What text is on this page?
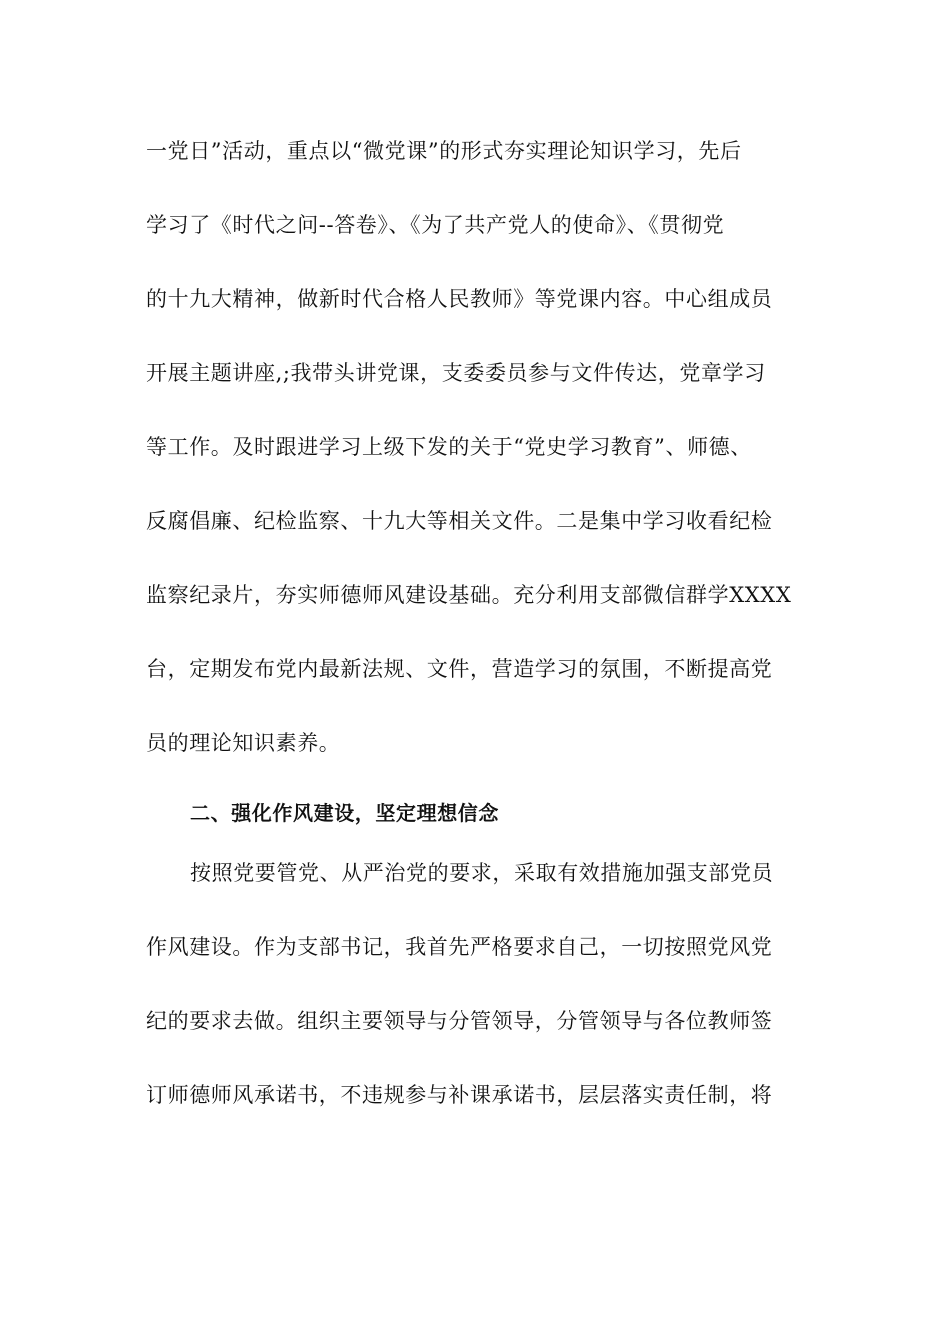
一党日”活动，重点以“微党课”的形式夯实理论知识学习，先后
学习了《时代之问--答卷》、《为了共产党人的使命》、《贯彻党
的十九大精神，做新时代合格人民教师》等党课内容。中心组成员
开展主题讲座,;我带头讲党课，支委委员参与文件传达，党章学习
等工作。及时跟进学习上级下发的关于“党史学习教育”、师德、
反腐倡廉、纪检监察、十九大等相关文件。二是集中学习收看纪检
监察纪录片，夯实师德师风建设基础。充分利用支部微信群学XXXX
台，定期发布党内最新法规、文件，营造学习的氛围，不断提高党
员的理论知识素养。
二、强化作风建设，坚定理想信念
按照党要管党、从严治党的要求，采取有效措施加强支部党员
作风建设。作为支部书记，我首先严格要求自己，一切按照党风党
纪的要求去做。组织主要领导与分管领导，分管领导与各位教师签
订师德师风承诺书，不违规参与补课承诺书，层层落实责任制，将
